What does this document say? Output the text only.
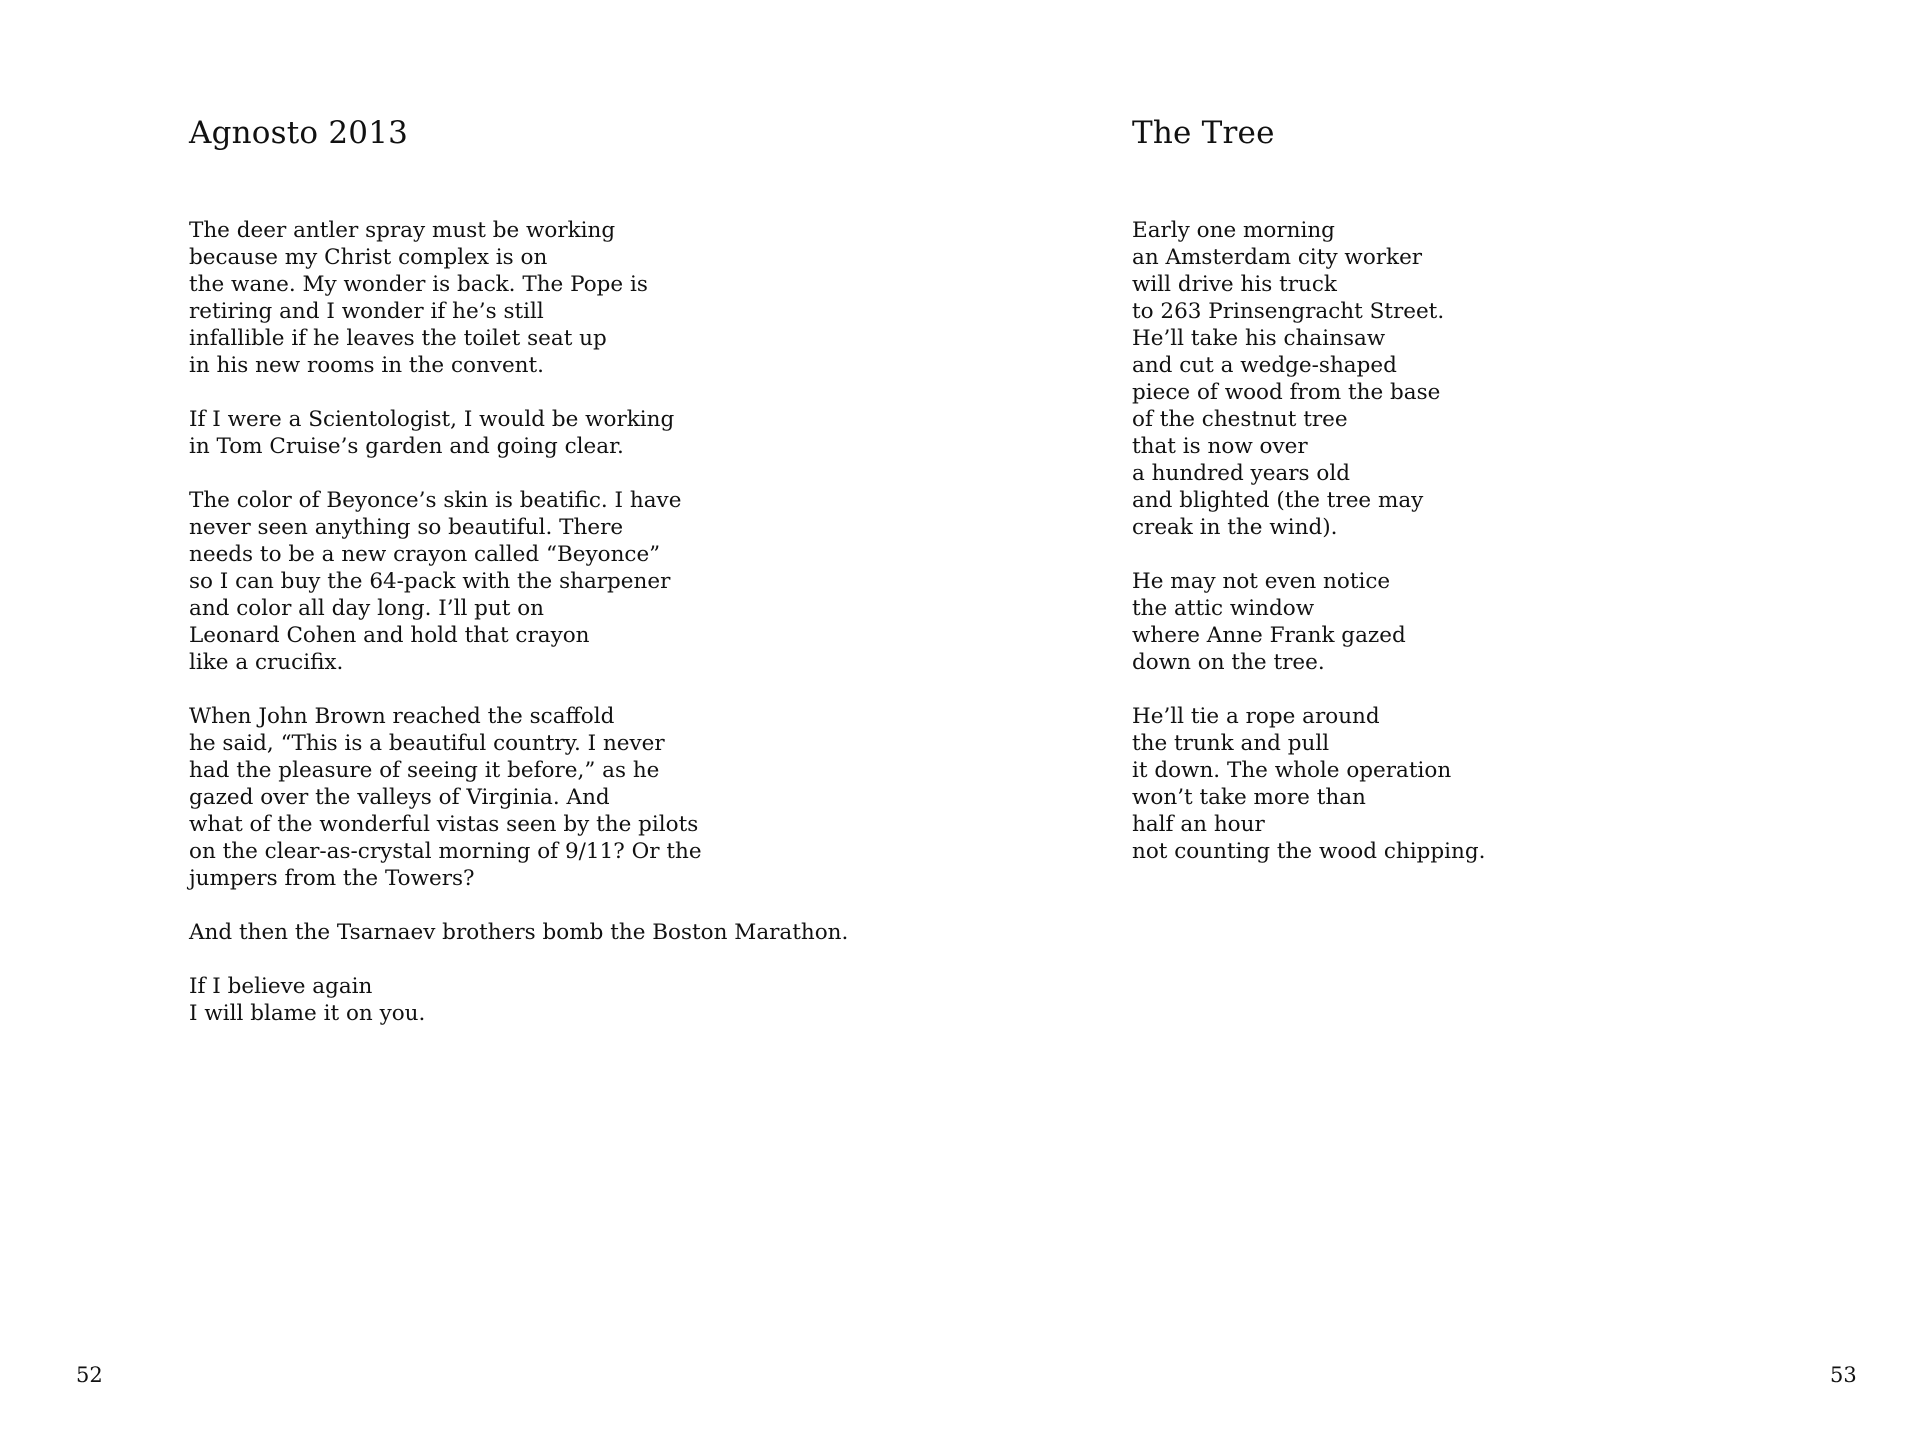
Agnosto 2013

The deer antler spray must be working
because my Christ complex is on
the wane. My wonder is back. The Pope is
retiring and I wonder if he’s still
infallible if he leaves the toilet seat up
in his new rooms in the convent.

If I were a Scientologist, I would be working
in Tom Cruise’s garden and going clear.

The color of Beyonce’s skin is beatific. I have
never seen anything so beautiful. There
needs to be a new crayon called “Beyonce”
so I can buy the 64-pack with the sharpener
and color all day long. I’ll put on
Leonard Cohen and hold that crayon
like a crucifix.

When John Brown reached the scaffold
he said, “This is a beautiful country. I never
had the pleasure of seeing it before,” as he
gazed over the valleys of Virginia. And
what of the wonderful vistas seen by the pilots
on the clear-as-crystal morning of 9/11? Or the
jumpers from the Towers?

And then the Tsarnaev brothers bomb the Boston Marathon.

If I believe again
I will blame it on you.

52
The Tree

Early one morning
an Amsterdam city worker
will drive his truck
to 263 Prinsengracht Street.
He’ll take his chainsaw
and cut a wedge-shaped
piece of wood from the base
of the chestnut tree
that is now over
a hundred years old
and blighted (the tree may
creak in the wind).

He may not even notice
the attic window
where Anne Frank gazed
down on the tree.

He’ll tie a rope around
the trunk and pull
it down. The whole operation
won’t take more than
half an hour
not counting the wood chipping.

53
